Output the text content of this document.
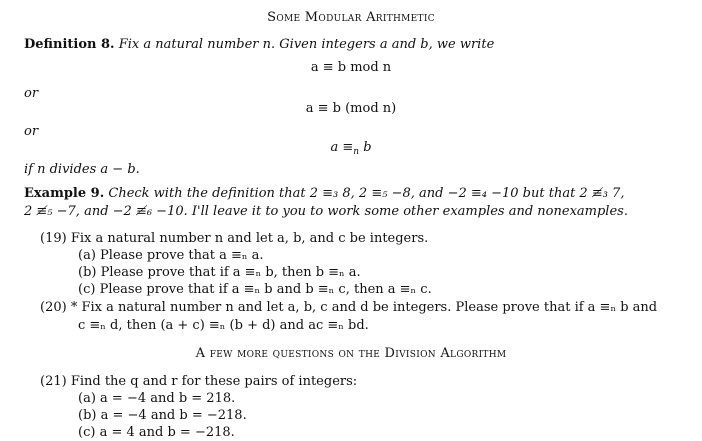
Some Modular Arithmetic
Definition 8. Fix a natural number n. Given integers a and b, we write
a ≡ b mod n
or
a ≡ b (mod n)
or
$a \equiv_n$ b
if n divides a − b.
Example 9. Check with the definition that 2 ≡₃ 8, 2 ≡₅ −8, and −2 ≡₄ −10 but that 2 ≢₃ 7,
2 ≢₅ −7, and −2 ≢₆ −10. I'll leave it to you to work some other examples and nonexamples.
(19) Fix a natural number n and let a, b, and c be integers.
(a) Please prove that a ≡ₙ a.
(b) Please prove that if a ≡ₙ b, then b ≡ₙ a.
(c) Please prove that if a ≡ₙ b and b ≡ₙ c, then a ≡ₙ c.
(20) * Fix a natural number n and let a, b, c and d be integers. Please prove that if a ≡ₙ b and
c ≡ₙ d, then (a + c) ≡ₙ (b + d) and ac ≡ₙ bd.
A few more questions on the Division Algorithm
(21) Find the q and r for these pairs of integers:
(a) a = −4 and b = 218.
(b) a = −4 and b = −218.
(c) a = 4 and b = −218.
